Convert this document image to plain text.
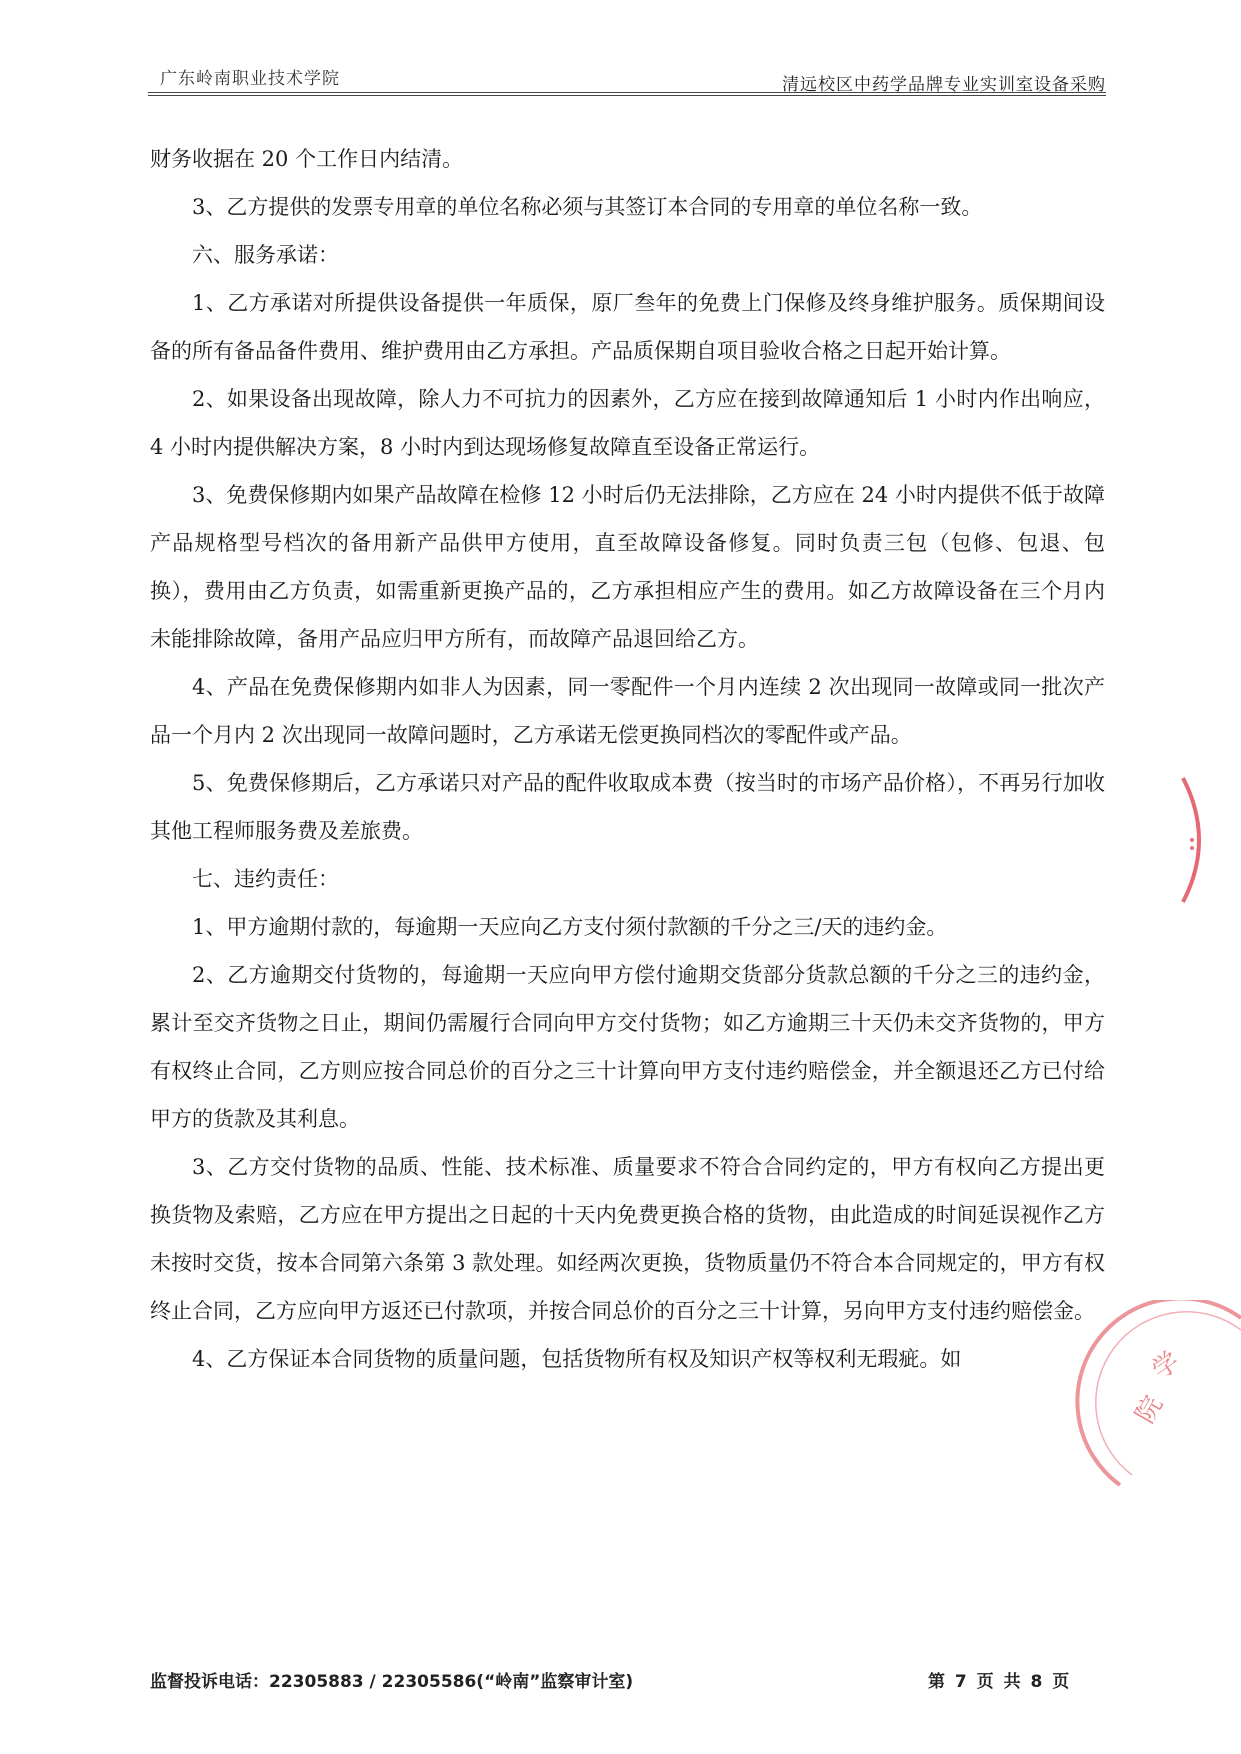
广东岭南职业技术学院	清远校区中药学品牌专业实训室设备采购

财务收据在 20 个工作日内结清。

3、乙方提供的发票专用章的单位名称必须与其签订本合同的专用章的单位名称一致。

六、服务承诺：

1、乙方承诺对所提供设备提供一年质保，原厂叁年的免费上门保修及终身维护服务。质保期间设备的所有备品备件费用、维护费用由乙方承担。产品质保期自项目验收合格之日起开始计算。

2、如果设备出现故障，除人力不可抗力的因素外，乙方应在接到故障通知后 1 小时内作出响应，4 小时内提供解决方案，8 小时内到达现场修复故障直至设备正常运行。

3、免费保修期内如果产品故障在检修 12 小时后仍无法排除，乙方应在 24 小时内提供不低于故障产品规格型号档次的备用新产品供甲方使用，直至故障设备修复。同时负责三包（包修、包退、包换），费用由乙方负责，如需重新更换产品的，乙方承担相应产生的费用。如乙方故障设备在三个月内未能排除故障，备用产品应归甲方所有，而故障产品退回给乙方。

4、产品在免费保修期内如非人为因素，同一零配件一个月内连续 2 次出现同一故障或同一批次产品一个月内 2 次出现同一故障问题时，乙方承诺无偿更换同档次的零配件或产品。

5、免费保修期后，乙方承诺只对产品的配件收取成本费（按当时的市场产品价格），不再另行加收其他工程师服务费及差旅费。

七、违约责任：

1、甲方逾期付款的，每逾期一天应向乙方支付须付款额的千分之三/天的违约金。

2、乙方逾期交付货物的，每逾期一天应向甲方偿付逾期交货部分货款总额的千分之三的违约金，累计至交齐货物之日止，期间仍需履行合同向甲方交付货物；如乙方逾期三十天仍未交齐货物的，甲方有权终止合同，乙方则应按合同总价的百分之三十计算向甲方支付违约赔偿金，并全额退还乙方已付给甲方的货款及其利息。

3、乙方交付货物的品质、性能、技术标准、质量要求不符合合同约定的，甲方有权向乙方提出更换货物及索赔，乙方应在甲方提出之日起的十天内免费更换合格的货物，由此造成的时间延误视作乙方未按时交货，按本合同第六条第 3 款处理。如经两次更换，货物质量仍不符合本合同规定的，甲方有权终止合同，乙方应向甲方返还已付款项，并按合同总价的百分之三十计算，另向甲方支付违约赔偿金。

4、乙方保证本合同货物的质量问题，包括货物所有权及知识产权等权利无瑕疵。如	学
院
监督投诉电话：22305883 / 22305586(“岭南”监察审计室)	第 7 页 共 8 页
